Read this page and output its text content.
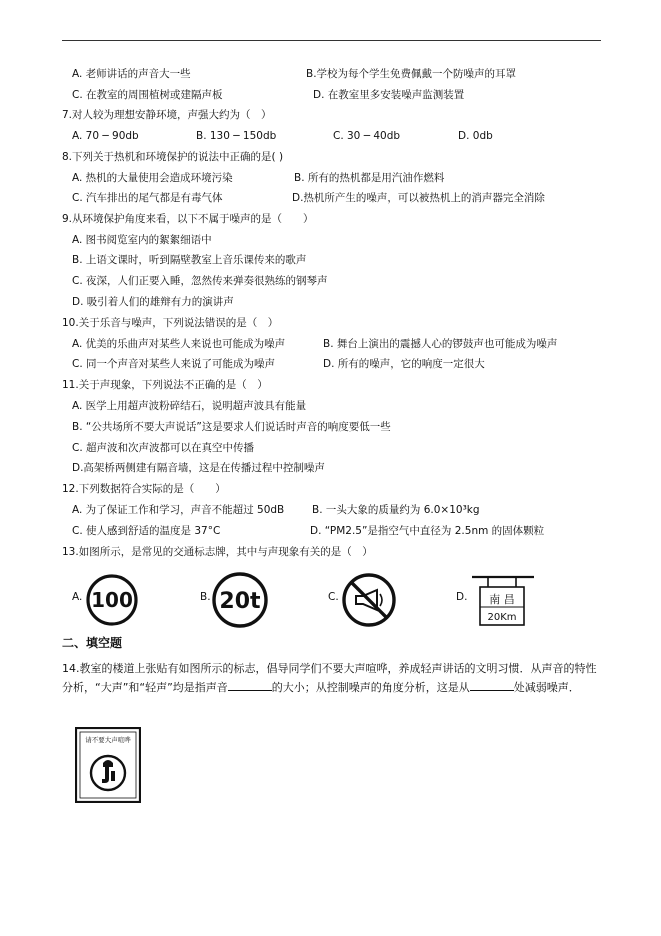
A. 老师讲话的声音大一些	B.学校为每个学生免费佩戴一个防噪声的耳罩
C. 在教室的周围植树或建隔声板	D. 在教室里多安装噪声监测装置
7.对人较为理想安静环境，声强大约为（　）
A. 70 ─ 90db	B. 130 ─ 150db	C. 30 ─ 40db	D. 0db
8.下列关于热机和环境保护的说法中正确的是( )
A. 热机的大量使用会造成环境污染	B. 所有的热机都是用汽油作燃料
C. 汽车排出的尾气都是有毒气体	D.热机所产生的噪声，可以被热机上的消声器完全消除
9.从环境保护角度来看，以下不属于噪声的是（　　）
A. 图书阅览室内的絮絮细语中
B. 上语文课时，听到隔壁教室上音乐课传来的歌声
C. 夜深，人们正要入睡，忽然传来弹奏很熟练的钢琴声
D. 吸引着人们的雄辩有力的演讲声
10.关于乐音与噪声，下列说法错误的是（　）
A. 优美的乐曲声对某些人来说也可能成为噪声	B. 舞台上演出的震撼人心的锣鼓声也可能成为噪声
C. 同一个声音对某些人来说了可能成为噪声	D. 所有的噪声，它的响度一定很大
11.关于声现象，下列说法不正确的是（　）
A. 医学上用超声波粉碎结石，说明超声波具有能量
B. “公共场所不要大声说话”这是要求人们说话时声音的响度要低一些
C. 超声波和次声波都可以在真空中传播
D.高架桥两侧建有隔音墙，这是在传播过程中控制噪声
12.下列数据符合实际的是（　　）
A. 为了保证工作和学习，声音不能超过 50dB	B. 一头大象的质量约为 6.0×10³kg
C. 使人感到舒适的温度是 37°C	D. “PM2.5”是指空气中直径为 2.5nm 的固体颗粒
13.如图所示，是常见的交通标志牌，其中与声现象有关的是（　）
A. 100	B. 20t	C.	D. 南 昌
20Km
二、填空题
14.教室的楼道上张贴有如图所示的标志，倡导同学们不要大声喧哗，养成轻声讲话的文明习惯．从声音的特性分析，“大声”和“轻声”均是指声音	的大小；从控制噪声的角度分析，这是从	处减弱噪声．
请不要大声喧哗
